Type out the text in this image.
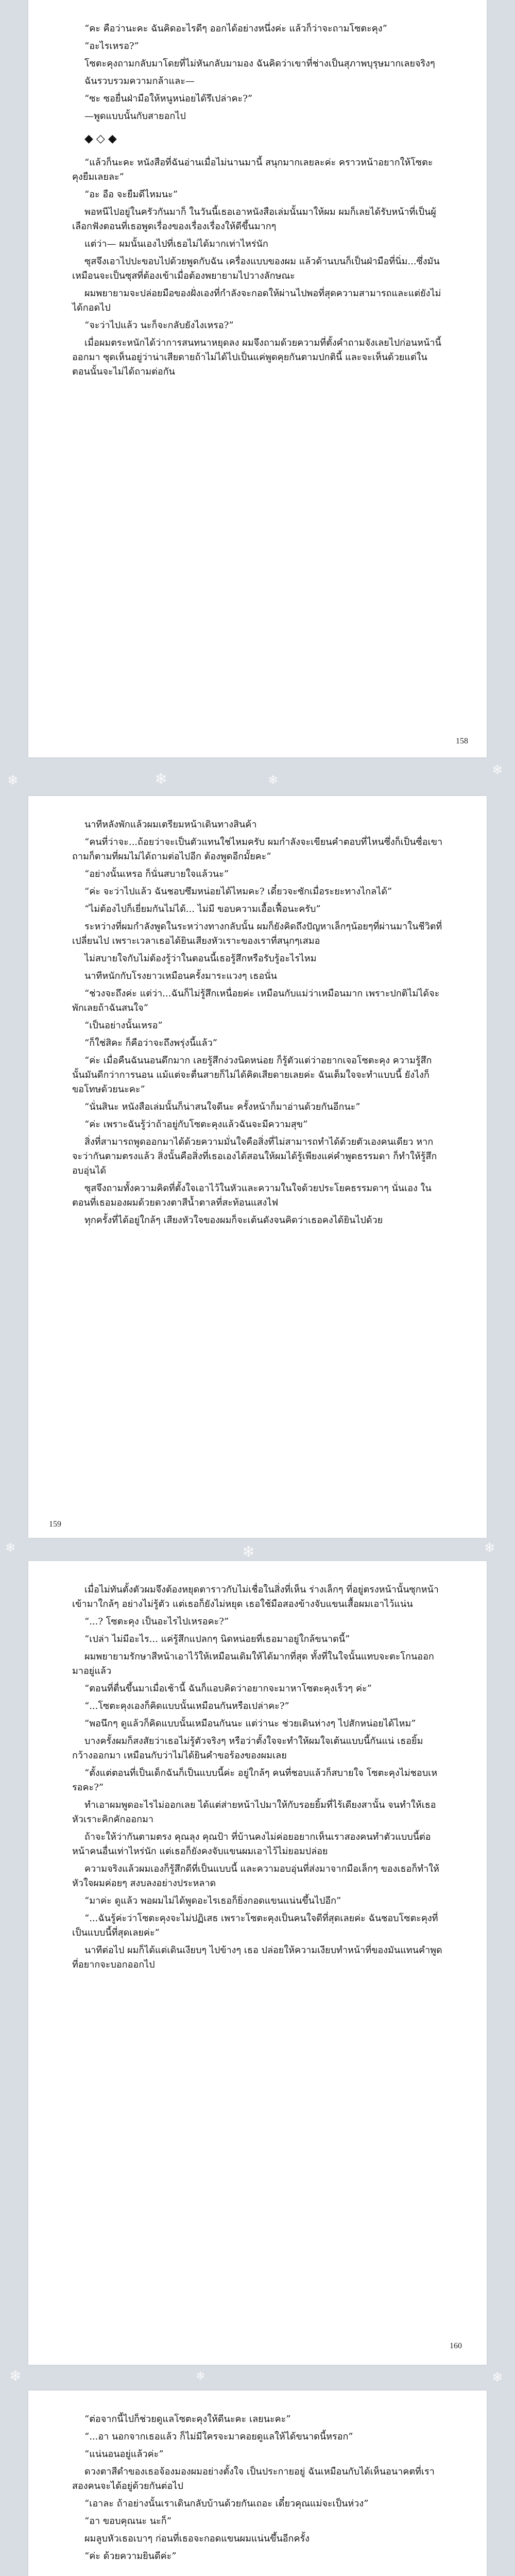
❄	❄	❄
❄
❄	❄	❄
❄	❄	❄

“คะ คือว่านะคะ ฉันคิดอะไรดีๆ ออกได้อย่างหนึ่งค่ะ แล้วก็ว่าจะถามโซตะคุง”

“อะไรเหรอ?”

โซตะคุงถามกลับมาโดยที่ไม่หันกลับมามอง ฉันคิดว่าเขาที่ช่างเป็นสุภาพบุรุษมากเลยจริงๆ

ฉันรวบรวมความกล้าและ—

“ซะ ซอยื่นฝ่ามือให้หนูหน่อยได้รึเปล่าคะ?”

—พูดแบบนั้นกับสายอกไป

◆◇◆

“แล้วก็นะคะ หนังสือที่ฉันอ่านเมื่อไม่นานมานี้ สนุกมากเลยละค่ะ คราวหน้าอยากให้โซตะคุงยืมเลยละ”

“อะ อือ จะยืมดีไหมนะ”

พอหนีไปอยู่ในครัวกันมาก็ ในวันนี้เธอเอาหนังสือเล่มนั้นมาให้ผม ผมก็เลยได้รับหน้าที่เป็นผู้เลือกฟังตอนที่เธอพูดเรื่องของเรื่องเรื่องให้ดีขึ้นมากๆ

แต่ว่า— ผมนั้นเองไปที่เธอไม่ได้มากเท่าไหร่นัก

ซุสจึงเอาไปปะขอบไปด้วยพูดกับฉัน เครื่องแบบของผม แล้วด้านบนก็เป็นฝ่ามือที่นิ่ม...ซึ่งมันเหมือนจะเป็นซุสที่ต้องเข้าเมื่อต้องพยายามไปวางลักษณะ

ผมพยายามจะปล่อยมือของฝั่งเองที่กำลังจะกอดให้ผ่านไปพอที่สุดความสามารถและแต่ยังไม่ได้กอดไป

“จะว่าไปแล้ว นะก็จะกลับยังไงเหรอ?”

เมื่อผมตระหนักได้ว่าการสนทนาหยุดลง ผมจึงถามด้วยความที่ตั้งคำถามจังเลยไปก่อนหน้านี้ออกมา ซุดเห็นอยู่ว่าน่าเสียดายถ้าไม่ได้ไปเป็นแค่พูดคุยกันตามปกตินี้ และจะเห็นด้วยแต่ในตอนนั้นจะไม่ได้ถามต่อกัน

158

นาทีหลังพักแล้วผมเตรียมหน้าเดินทางสินค้า

“คนที่ว่าจะ...ถ้อยว่าจะเป็นตัวแทนใช่ไหมครับ ผมกำลังจะเขียนคำตอบที่ไหนซึ่งก็เป็นซื่อเขาถามก็ตามที่ผมไม่ได้ถามต่อไปอีก ต้องพูดอีกมั้ยคะ”

“อย่างนั้นเหรอ ก็นั่นสบายใจแล้วนะ”

“ค่ะ จะว่าไปแล้ว ฉันชอบซึมหน่อยได้ไหมคะ? เดี๋ยวจะซักเมื่อระยะทางไกลได้”

“ไม่ต้องไปก็เยี่ยมกันไม่ได้... ไม่มี ขอบความเอื้อเฟื้อนะครับ”

ระหว่างที่ผมกำลังพูดในระหว่างทางกลับนั้น ผมก็ยังคิดถึงปัญหาเล็กๆน้อยๆที่ผ่านมาในชีวิตที่เปลี่ยนไป เพราะเวลาเธอได้ยินเสียงหัวเราะของเราที่สนุกๆเสมอ

ไม่สบายใจกับไม่ต้องรู้ว่าในตอนนี้เธอรู้สึกหรือรับรู้อะไรไหม

นาทีหนักกับโรงยาวเหมือนครั้งมาระแวงๆ เธอนั่น

“ช่วงจะถึงค่ะ แต่ว่า...ฉันก็ไม่รู้สึกเหนื่อยค่ะ เหมือนกับแม่ว่าเหมือนมาก เพราะปกติไม่ได้จะพักเลยถ้าฉันสนใจ”

“เป็นอย่างนั้นเหรอ”

“ก็ใช่สิคะ ก็คือว่าจะถึงพรุ่งนี้แล้ว”

“ค่ะ เมื่อคืนฉันนอนดึกมาก เลยรู้สึกง่วงนิดหน่อย ก็รู้ตัวแต่ว่าอยากเจอโซตะคุง ความรู้สึกนั้นมันดีกว่าการนอน แม้แต่จะตื่นสายก็ไม่ได้คิดเสียดายเลยค่ะ ฉันเต็มใจจะทำแบบนี้ ยังไงก็ขอโทษด้วยนะคะ”

“นั่นสินะ หนังสือเล่มนั้นก็น่าสนใจดีนะ ครั้งหน้าก็มาอ่านด้วยกันอีกนะ”

“ค่ะ เพราะฉันรู้ว่าถ้าอยู่กับโซตะคุงแล้วฉันจะมีความสุข”

สิ่งที่สามารถพูดออกมาได้ด้วยความมั่นใจคือสิ่งที่ไม่สามารถทำได้ด้วยตัวเองคนเดียว หากจะว่ากันตามตรงแล้ว สิ่งนั้นคือสิ่งที่เธอเองได้สอนให้ผมได้รู้เพียงแค่คำพูดธรรมดา ก็ทำให้รู้สึกอบอุ่นได้

ซุสจึงถามทั้งความคิดที่ตั้งใจเอาไว้ในหัวและความในใจด้วยประโยคธรรมดาๆ นั่นเอง ในตอนที่เธอมองผมด้วยดวงตาสีน้ำตาลที่สะท้อนแสงไฟ

ทุกครั้งที่ได้อยู่ใกล้ๆ เสียงหัวใจของผมก็จะเต้นดังจนคิดว่าเธอคงได้ยินไปด้วย

159

เมื่อไม่ทันตั้งตัวผมจึงต้องหยุดตาราวกับไม่เชื่อในสิ่งที่เห็น ร่างเล็กๆ ที่อยู่ตรงหน้านั้นซุกหน้าเข้ามาใกล้ๆ อย่างไม่รู้ตัว แต่เธอก็ยังไม่หยุด เธอใช้มือสองข้างจับแขนเสื้อผมเอาไว้แน่น

“...? โซตะคุง เป็นอะไรไปเหรอคะ?”

“เปล่า ไม่มีอะไร... แค่รู้สึกแปลกๆ นิดหน่อยที่เธอมาอยู่ใกล้ขนาดนี้”

ผมพยายามรักษาสีหน้าเอาไว้ให้เหมือนเดิมให้ได้มากที่สุด ทั้งที่ในใจนั้นแทบจะตะโกนออกมาอยู่แล้ว

“ตอนที่ตื่นขึ้นมาเมื่อเช้านี้ ฉันก็แอบคิดว่าอยากจะมาหาโซตะคุงเร็วๆ ค่ะ”

“...โซตะคุงเองก็คิดแบบนั้นเหมือนกันหรือเปล่าคะ?”

“พอนึกๆ ดูแล้วก็คิดแบบนั้นเหมือนกันนะ แต่ว่านะ ช่วยเดินห่างๆ ไปสักหน่อยได้ไหม”

บางครั้งผมก็สงสัยว่าเธอไม่รู้ตัวจริงๆ หรือว่าตั้งใจจะทำให้ผมใจเต้นแบบนี้กันแน่ เธอยิ้มกว้างออกมา เหมือนกับว่าไม่ได้ยินคำขอร้องของผมเลย

“ตั้งแต่ตอนที่เป็นเด็กฉันก็เป็นแบบนี้ค่ะ อยู่ใกล้ๆ คนที่ชอบแล้วก็สบายใจ โซตะคุงไม่ชอบเหรอคะ?”

ทำเอาผมพูดอะไรไม่ออกเลย ได้แต่ส่ายหน้าไปมาให้กับรอยยิ้มที่ไร้เดียงสานั้น จนทำให้เธอหัวเราะคิกคักออกมา

ถ้าจะให้ว่ากันตามตรง คุณลุง คุณป้า ที่บ้านคงไม่ค่อยอยากเห็นเราสองคนทำตัวแบบนี้ต่อหน้าคนอื่นเท่าไหร่นัก แต่เธอก็ยังคงจับแขนผมเอาไว้ไม่ยอมปล่อย

ความจริงแล้วผมเองก็รู้สึกดีที่เป็นแบบนี้ และความอบอุ่นที่ส่งมาจากมือเล็กๆ ของเธอก็ทำให้หัวใจผมค่อยๆ สงบลงอย่างประหลาด

“มาค่ะ ดูแล้ว พอผมไม่ได้พูดอะไรเธอก็ยิ่งกอดแขนแน่นขึ้นไปอีก”

“...ฉันรู้ค่ะว่าโซตะคุงจะไม่ปฏิเสธ เพราะโซตะคุงเป็นคนใจดีที่สุดเลยค่ะ ฉันชอบโซตะคุงที่เป็นแบบนี้ที่สุดเลยค่ะ”

นาทีต่อไป ผมก็ได้แต่เดินเงียบๆ ไปข้างๆ เธอ ปล่อยให้ความเงียบทำหน้าที่ของมันแทนคำพูดที่อยากจะบอกออกไป

160

“ต่อจากนี้ไปก็ช่วยดูแลโซตะคุงให้ดีนะคะ เลยนะคะ”

“...อา นอกจากเธอแล้ว ก็ไม่มีใครจะมาคอยดูแลให้ได้ขนาดนี้หรอก”

“แน่นอนอยู่แล้วค่ะ”

ดวงตาสีดำของเธอจ้องมองผมอย่างตั้งใจ เป็นประกายอยู่ ฉันเหมือนกับได้เห็นอนาคตที่เราสองคนจะได้อยู่ด้วยกันต่อไป

“เอาละ ถ้าอย่างนั้นเราเดินกลับบ้านด้วยกันเถอะ เดี๋ยวคุณแม่จะเป็นห่วง”

“อา ขอบคุณนะ นะก็”

ผมลูบหัวเธอเบาๆ ก่อนที่เธอจะกอดแขนผมแน่นขึ้นอีกครั้ง

“ค่ะ ด้วยความยินดีค่ะ”
